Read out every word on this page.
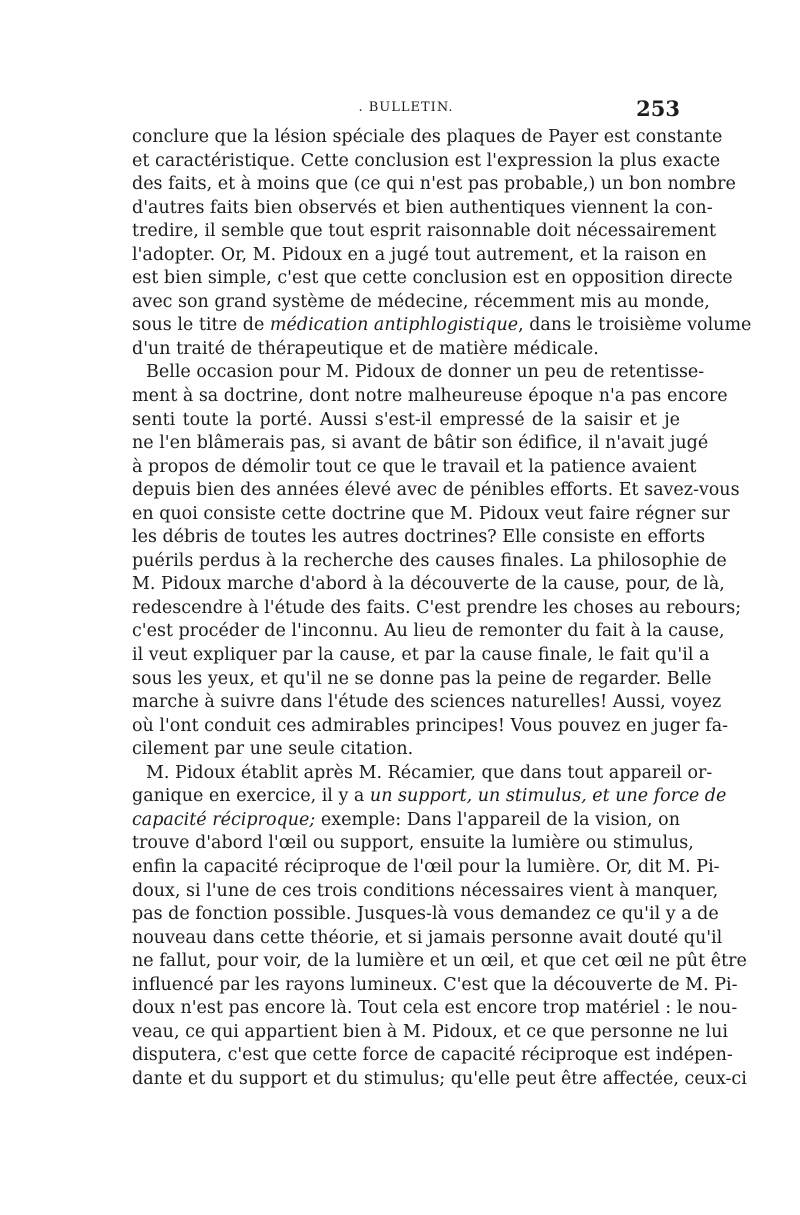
. BULLETIN.	253
conclure que la lésion spéciale des plaques de Payer est constante
et caractéristique. Cette conclusion est l'expression la plus exacte
des faits, et à moins que (ce qui n'est pas probable,) un bon nombre
d'autres faits bien observés et bien authentiques viennent la con-
tredire, il semble que tout esprit raisonnable doit nécessairement
l'adopter. Or, M. Pidoux en a jugé tout autrement, et la raison en
est bien simple, c'est que cette conclusion est en opposition directe
avec son grand système de médecine, récemment mis au monde,
sous le titre de médication antiphlogistique, dans le troisième volume
d'un traité de thérapeutique et de matière médicale.
Belle occasion pour M. Pidoux de donner un peu de retentisse-
ment à sa doctrine, dont notre malheureuse époque n'a pas encore
senti toute la porté. Aussi s'est-il empressé de la saisir et je
ne l'en blâmerais pas, si avant de bâtir son édifice, il n'avait jugé
à propos de démolir tout ce que le travail et la patience avaient
depuis bien des années élevé avec de pénibles efforts. Et savez-vous
en quoi consiste cette doctrine que M. Pidoux veut faire régner sur
les débris de toutes les autres doctrines? Elle consiste en efforts
puérils perdus à la recherche des causes finales. La philosophie de
M. Pidoux marche d'abord à la découverte de la cause, pour, de là,
redescendre à l'étude des faits. C'est prendre les choses au rebours;
c'est procéder de l'inconnu. Au lieu de remonter du fait à la cause,
il veut expliquer par la cause, et par la cause finale, le fait qu'il a
sous les yeux, et qu'il ne se donne pas la peine de regarder. Belle
marche à suivre dans l'étude des sciences naturelles! Aussi, voyez
où l'ont conduit ces admirables principes! Vous pouvez en juger fa-
cilement par une seule citation.
M. Pidoux établit après M. Récamier, que dans tout appareil or-
ganique en exercice, il y a un support, un stimulus, et une force de
capacité réciproque; exemple: Dans l'appareil de la vision, on
trouve d'abord l'œil ou support, ensuite la lumière ou stimulus,
enfin la capacité réciproque de l'œil pour la lumière. Or, dit M. Pi-
doux, si l'une de ces trois conditions nécessaires vient à manquer,
pas de fonction possible. Jusques-là vous demandez ce qu'il y a de
nouveau dans cette théorie, et si jamais personne avait douté qu'il
ne fallut, pour voir, de la lumière et un œil, et que cet œil ne pût être
influencé par les rayons lumineux. C'est que la découverte de M. Pi-
doux n'est pas encore là. Tout cela est encore trop matériel : le nou-
veau, ce qui appartient bien à M. Pidoux, et ce que personne ne lui
disputera, c'est que cette force de capacité réciproque est indépen-
dante et du support et du stimulus; qu'elle peut être affectée, ceux-ci
